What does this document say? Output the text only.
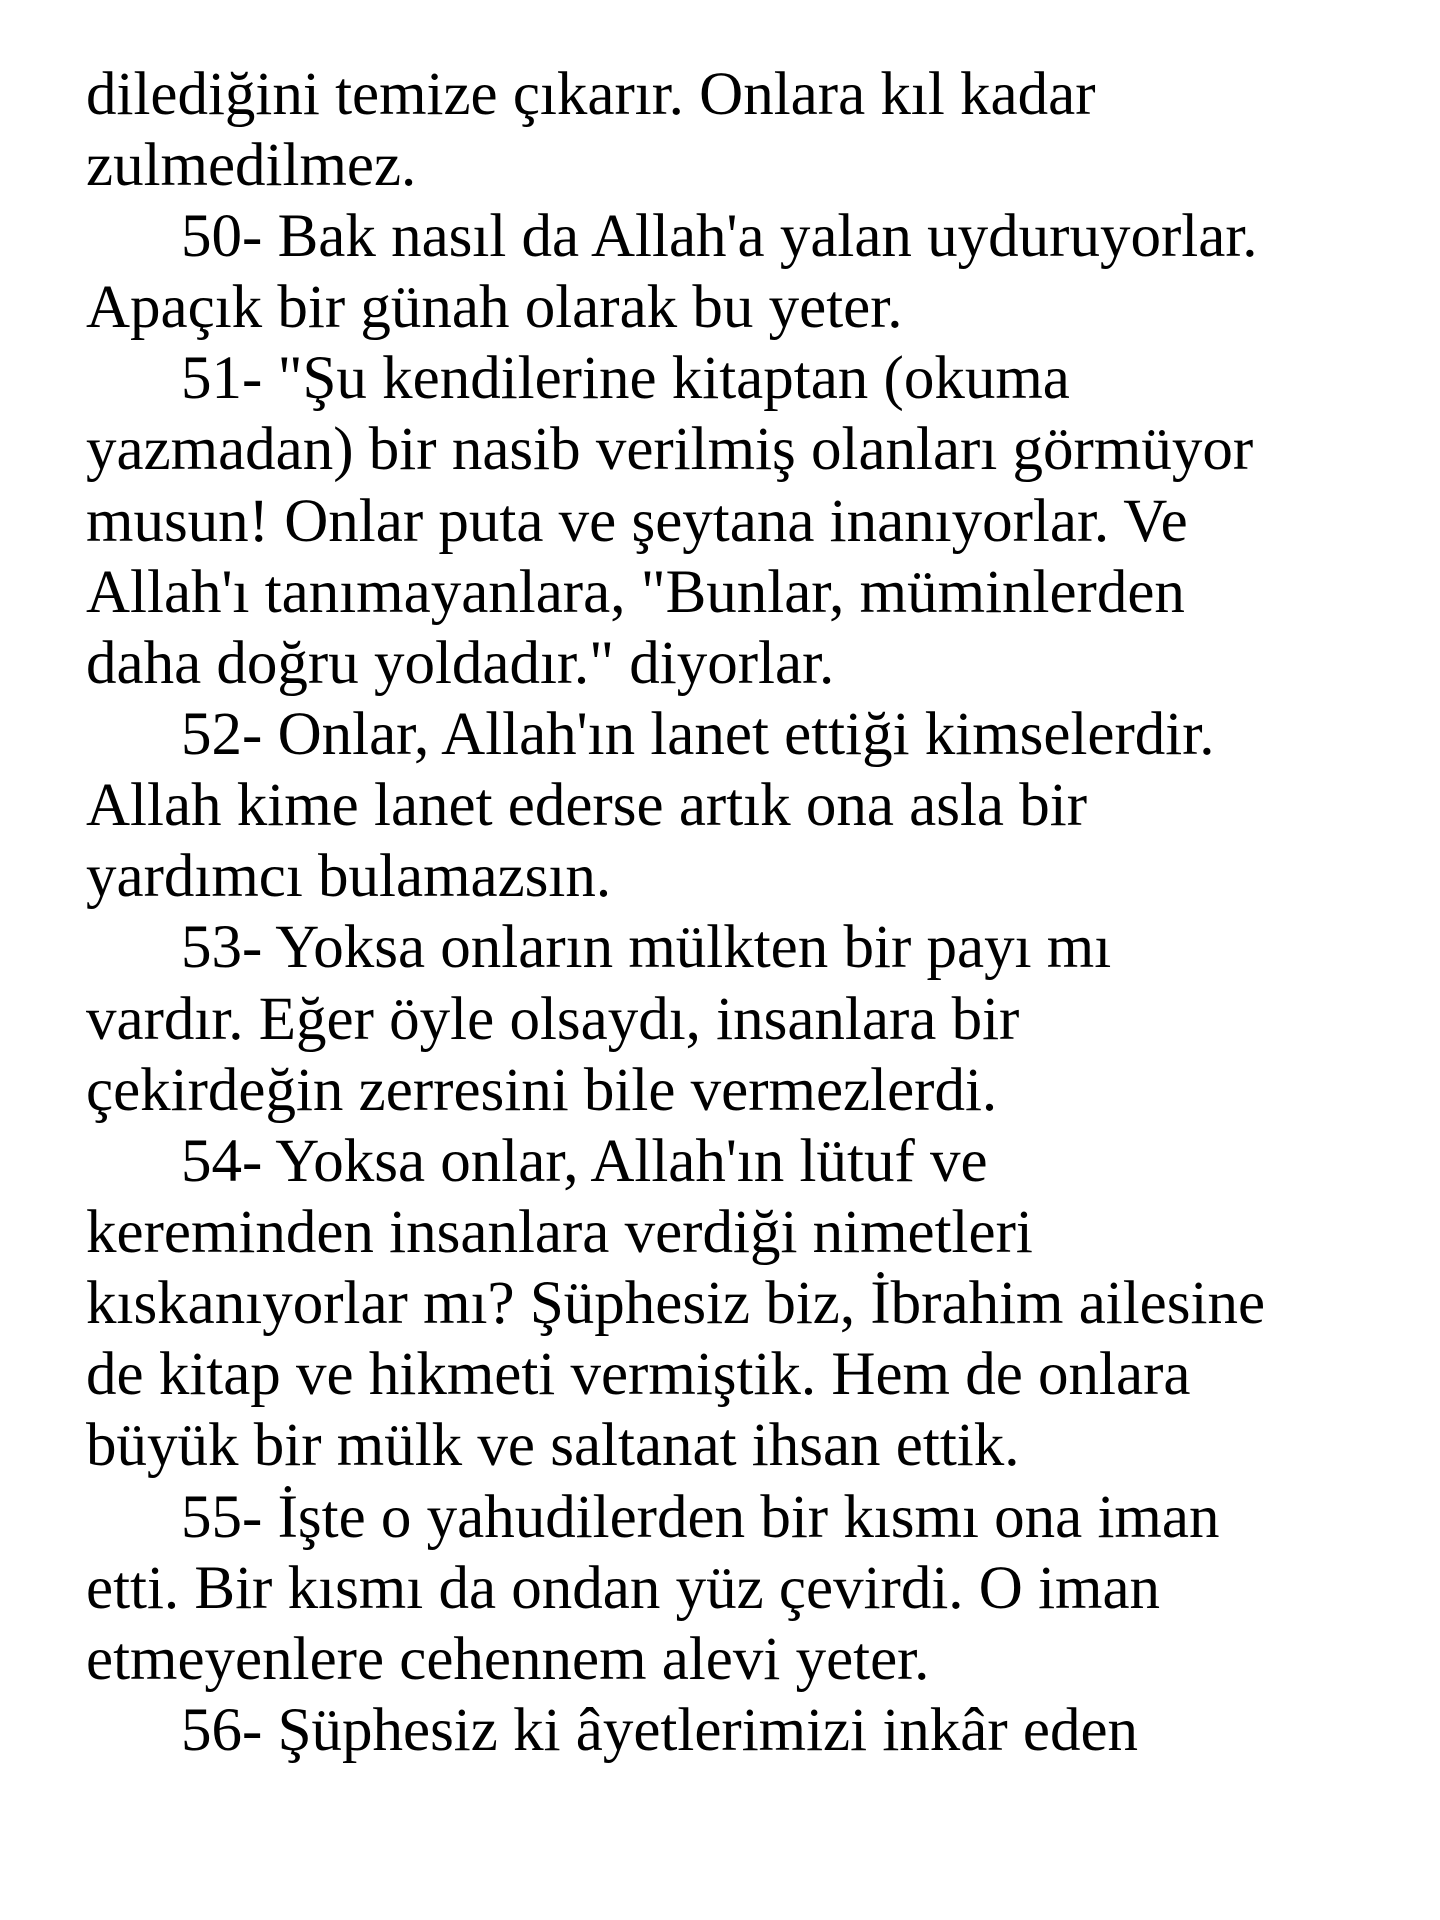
dilediğini temize çıkarır. Onlara kıl kadar

zulmedilmez.

50- Bak nasıl da Allah'a yalan uyduruyorlar.

Apaçık bir günah olarak bu yeter.

51- "Şu kendilerine kitaptan (okuma

yazmadan) bir nasib verilmiş olanları görmüyor

musun! Onlar puta ve şeytana inanıyorlar. Ve

Allah'ı tanımayanlara, "Bunlar, müminlerden

daha doğru yoldadır." diyorlar.

52- Onlar, Allah'ın lanet ettiği kimselerdir.

Allah kime lanet ederse artık ona asla bir

yardımcı bulamazsın.

53- Yoksa onların mülkten bir payı mı

vardır. Eğer öyle olsaydı, insanlara bir

çekirdeğin zerresini bile vermezlerdi.

54- Yoksa onlar, Allah'ın lütuf ve

kereminden insanlara verdiği nimetleri

kıskanıyorlar mı? Şüphesiz biz, İbrahim ailesine

de kitap ve hikmeti vermiştik. Hem de onlara

büyük bir mülk ve saltanat ihsan ettik.

55- İşte o yahudilerden bir kısmı ona iman

etti. Bir kısmı da ondan yüz çevirdi. O iman

etmeyenlere cehennem alevi yeter.

56- Şüphesiz ki âyetlerimizi inkâr eden
